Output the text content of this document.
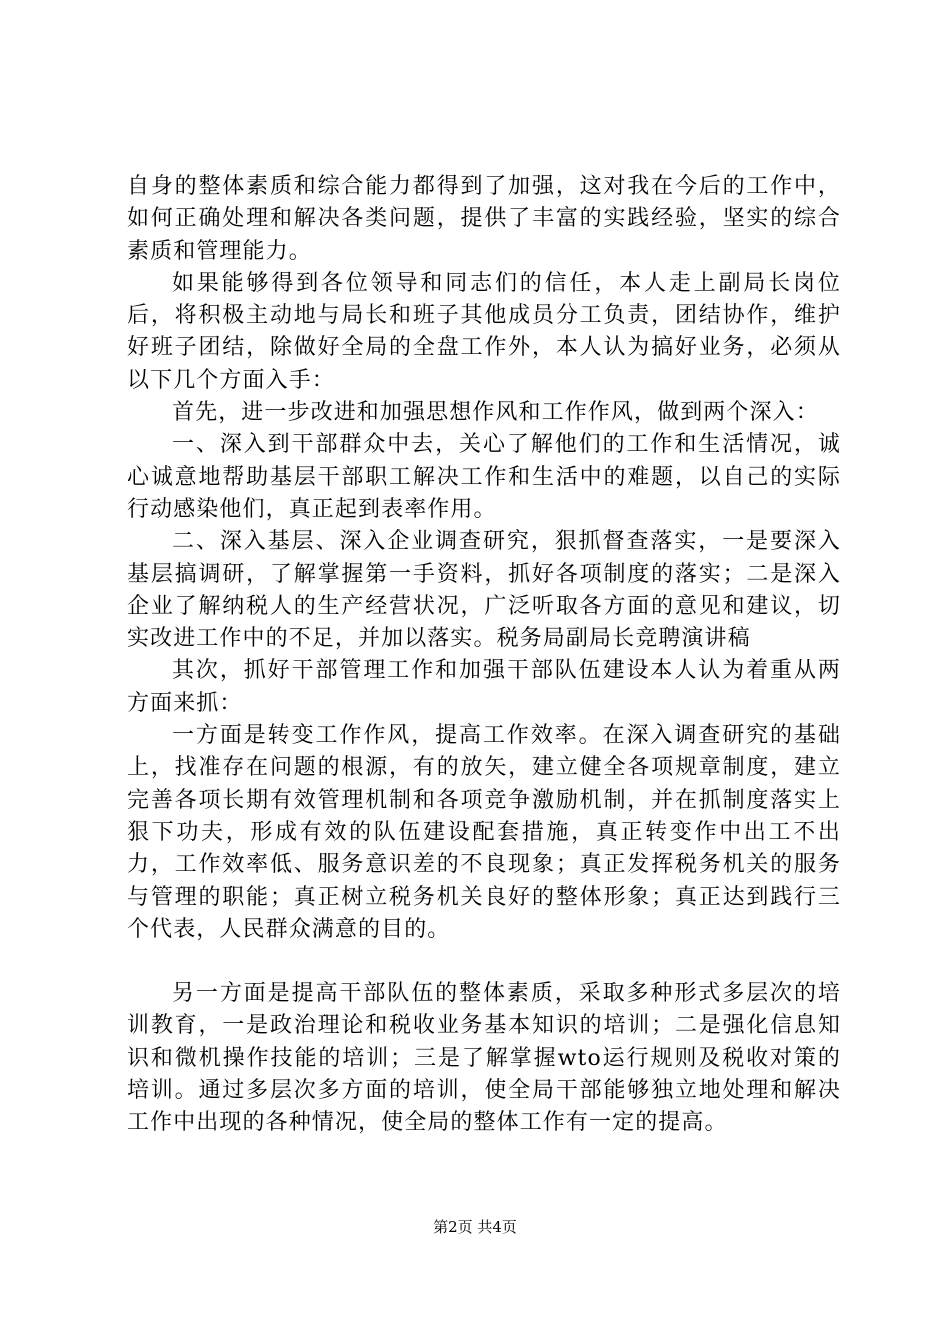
自身的整体素质和综合能力都得到了加强，这对我在今后的工作中，如何正确处理和解决各类问题，提供了丰富的实践经验，坚实的综合素质和管理能力。

如果能够得到各位领导和同志们的信任，本人走上副局长岗位后，将积极主动地与局长和班子其他成员分工负责，团结协作，维护好班子团结，除做好全局的全盘工作外，本人认为搞好业务，必须从以下几个方面入手：

首先，进一步改进和加强思想作风和工作作风，做到两个深入：

一、深入到干部群众中去，关心了解他们的工作和生活情况，诚心诚意地帮助基层干部职工解决工作和生活中的难题，以自己的实际行动感染他们，真正起到表率作用。

二、深入基层、深入企业调查研究，狠抓督查落实，一是要深入基层搞调研，了解掌握第一手资料，抓好各项制度的落实；二是深入企业了解纳税人的生产经营状况，广泛听取各方面的意见和建议，切实改进工作中的不足，并加以落实。税务局副局长竞聘演讲稿

其次，抓好干部管理工作和加强干部队伍建设本人认为着重从两方面来抓：

一方面是转变工作作风，提高工作效率。在深入调查研究的基础上，找准存在问题的根源，有的放矢，建立健全各项规章制度，建立完善各项长期有效管理机制和各项竞争激励机制，并在抓制度落实上狠下功夫，形成有效的队伍建设配套措施，真正转变作中出工不出力，工作效率低、服务意识差的不良现象；真正发挥税务机关的服务与管理的职能；真正树立税务机关良好的整体形象；真正达到践行三个代表，人民群众满意的目的。

另一方面是提高干部队伍的整体素质，采取多种形式多层次的培训教育，一是政治理论和税收业务基本知识的培训；二是强化信息知识和微机操作技能的培训；三是了解掌握wto运行规则及税收对策的培训。通过多层次多方面的培训，使全局干部能够独立地处理和解决工作中出现的各种情况，使全局的整体工作有一定的提高。

第2页 共4页
